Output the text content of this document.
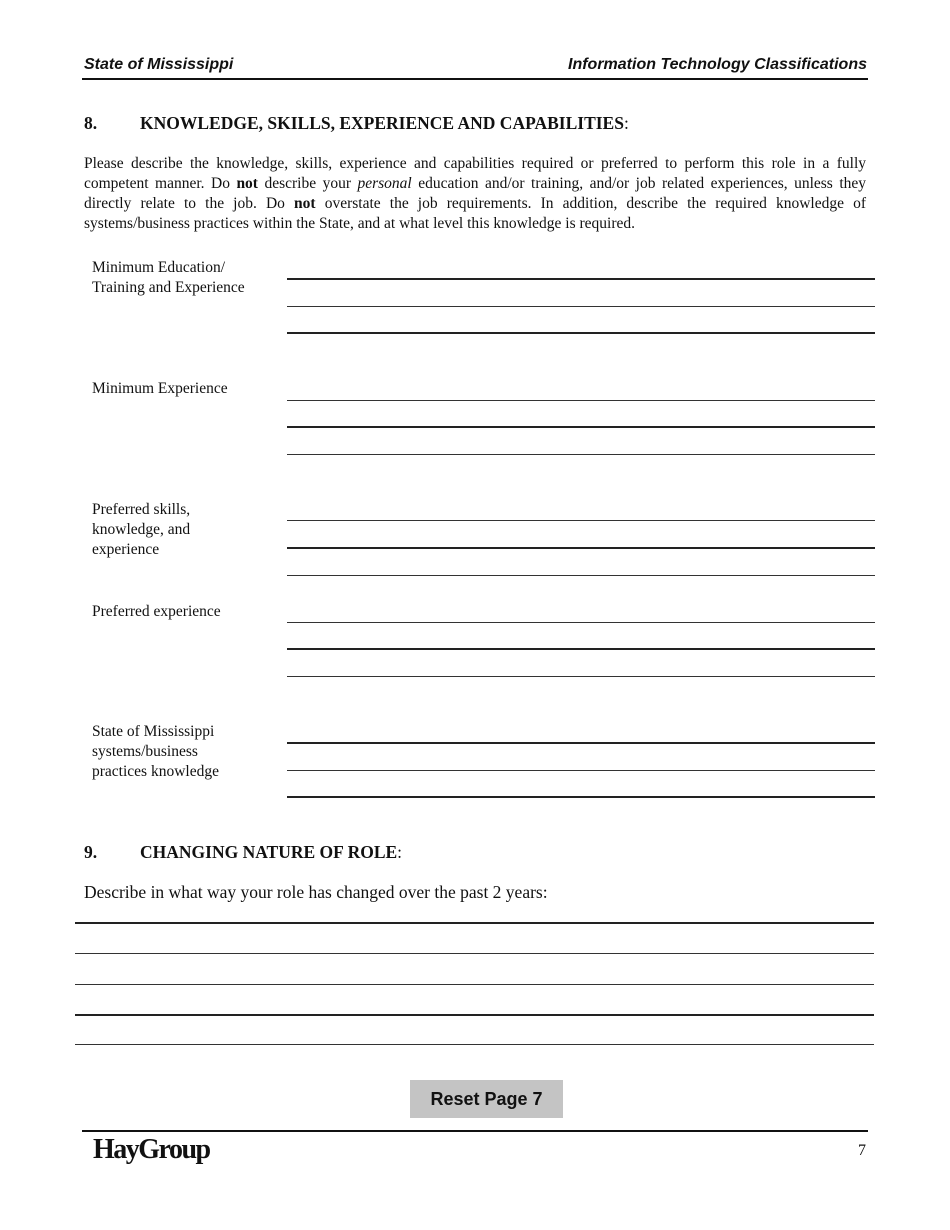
State of Mississippi	Information Technology Classifications
8. KNOWLEDGE, SKILLS, EXPERIENCE AND CAPABILITIES:
Please describe the knowledge, skills, experience and capabilities required or preferred to perform this role in a fully competent manner. Do not describe your personal education and/or training, and/or job related experiences, unless they directly relate to the job. Do not overstate the job requirements. In addition, describe the required knowledge of systems/business practices within the State, and at what level this knowledge is required.
Minimum Education/
Training and Experience
Minimum Experience
Preferred skills,
knowledge, and
experience
Preferred experience
State of Mississippi
systems/business
practices knowledge
9. CHANGING NATURE OF ROLE:
Describe in what way your role has changed over the past 2 years:
Reset Page 7
HayGroup	7
